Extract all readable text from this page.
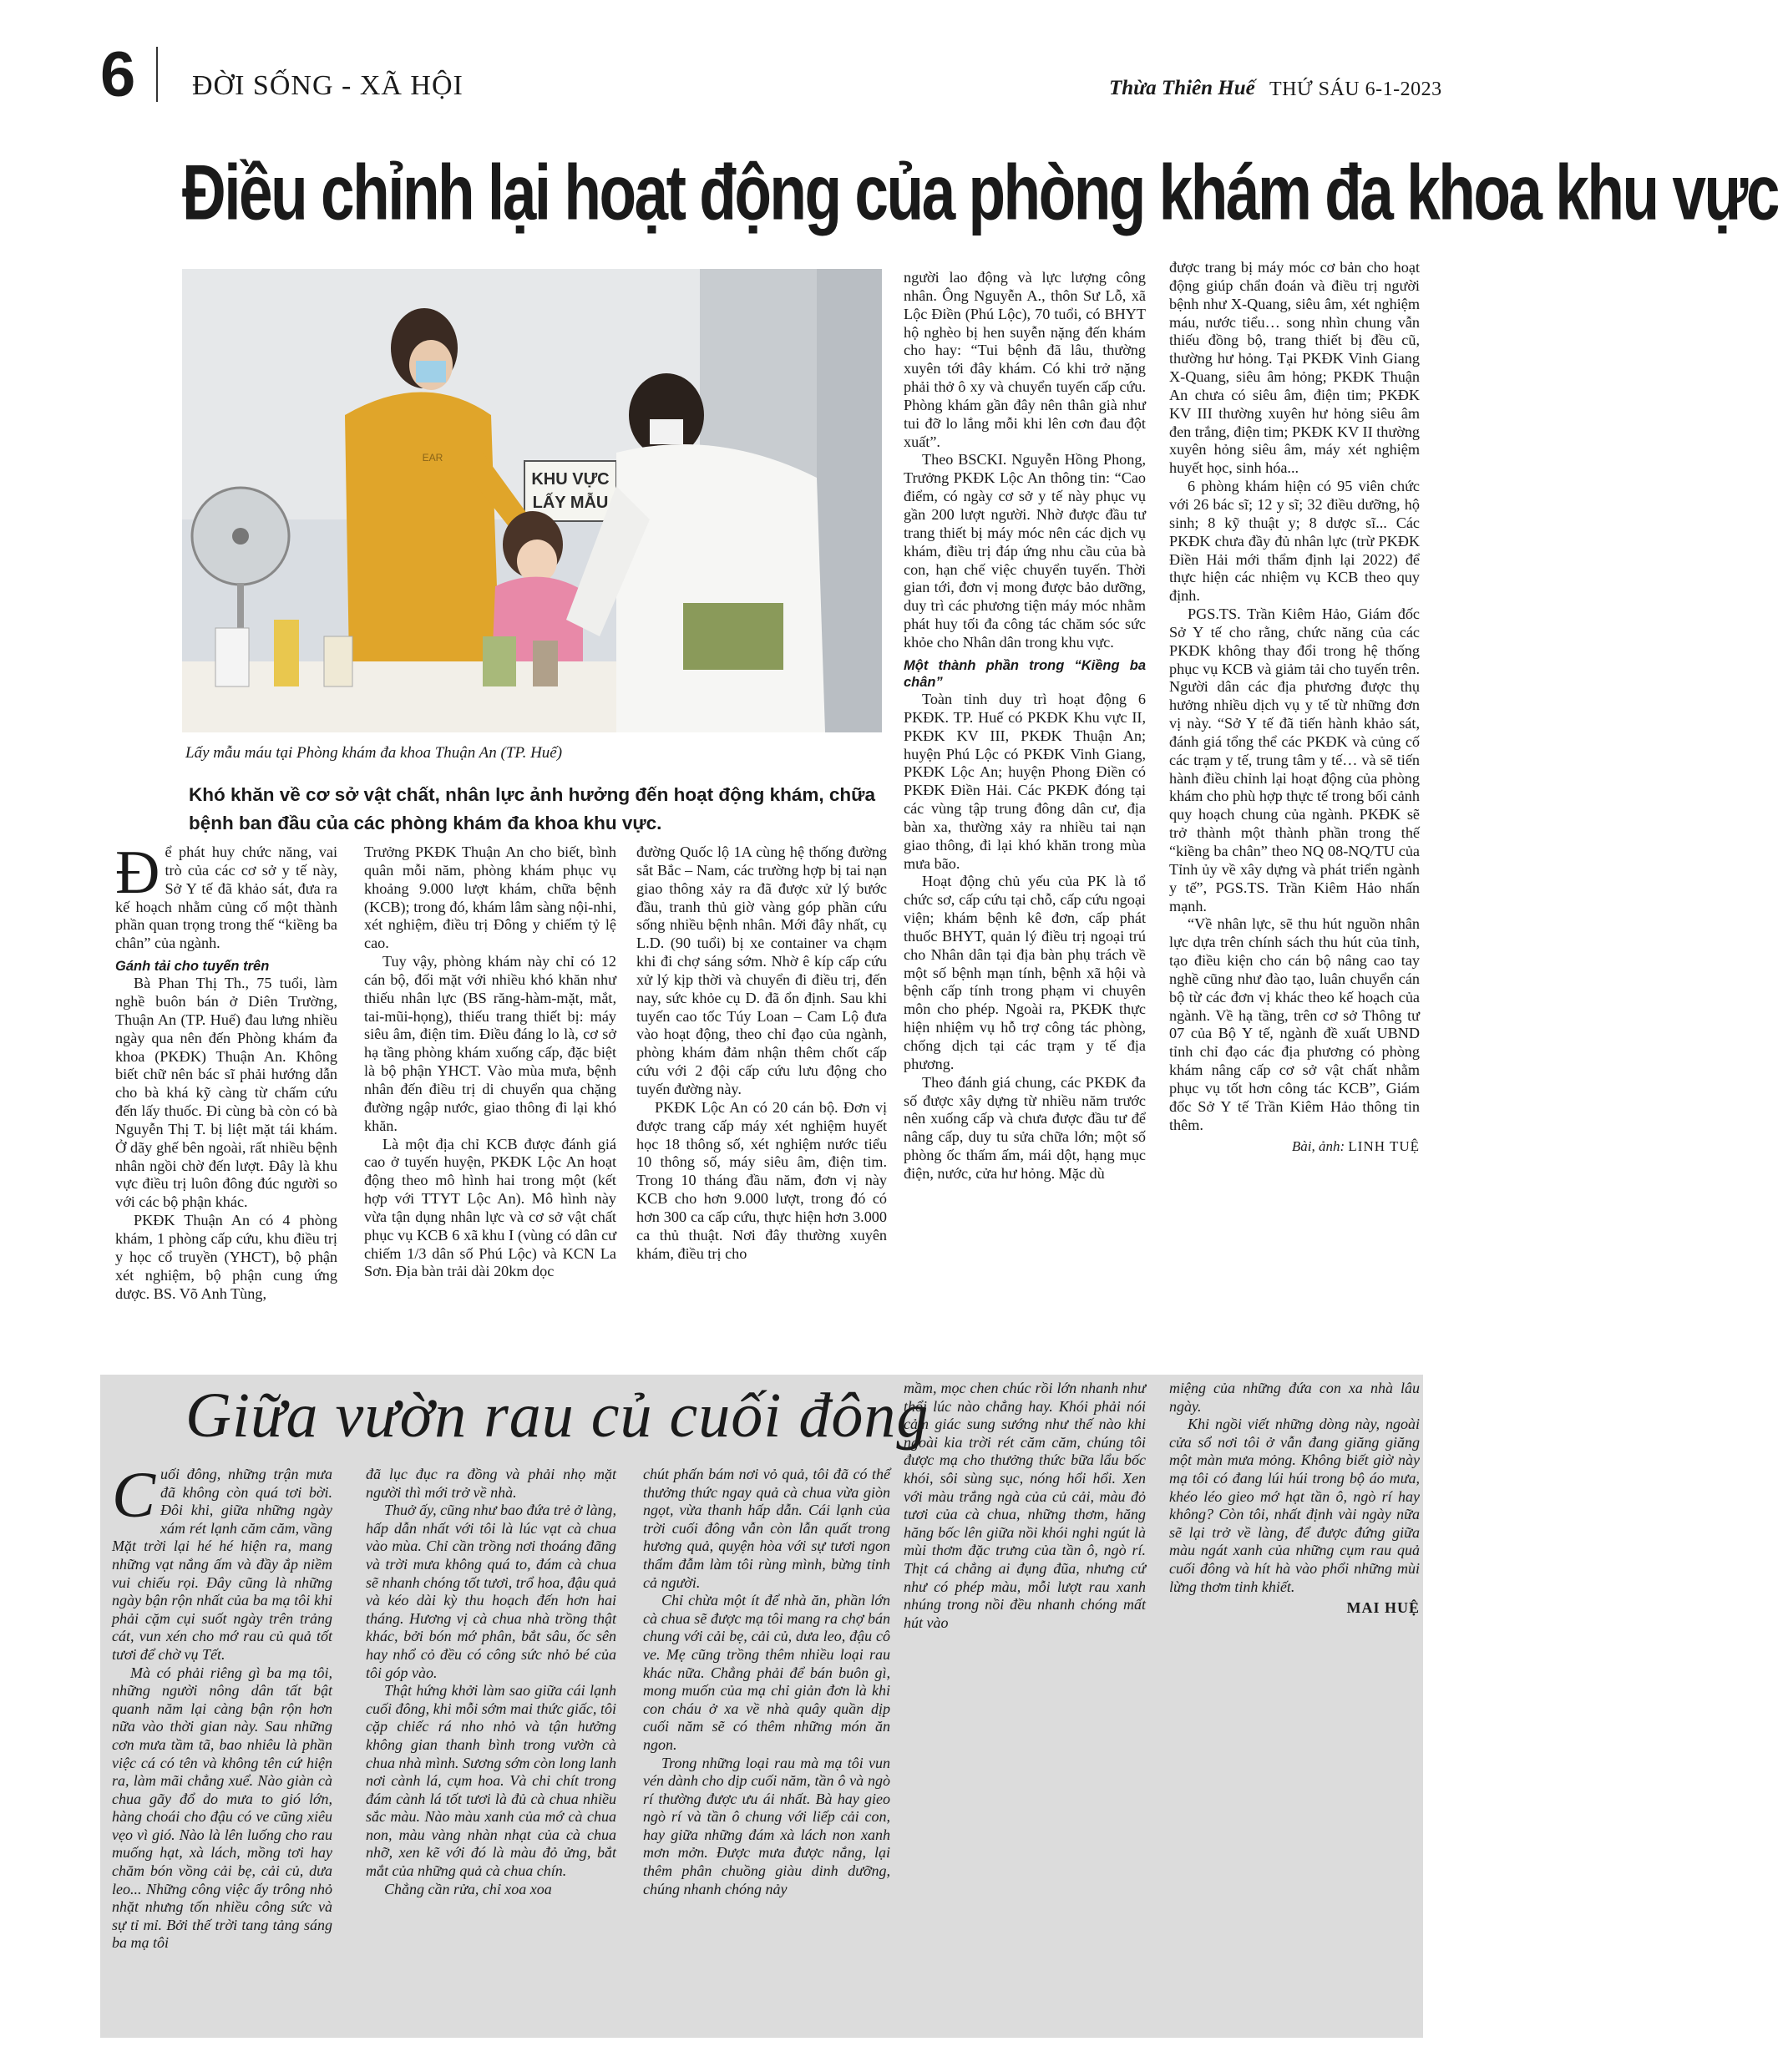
6 ĐỜI SỐNG - XÃ HỘI	Thừa Thiên Huế THỨ SÁU 6-1-2023
Điều chỉnh lại hoạt động của phòng khám đa khoa khu vực
KHU VỰC
LẤY MẪU
EAR
Lấy mẫu máu tại Phòng khám đa khoa Thuận An (TP. Huế)
Khó khăn về cơ sở vật chất, nhân lực ảnh hưởng đến hoạt động khám, chữa bệnh ban đầu của các phòng khám đa khoa khu vực.

Để phát huy chức năng, vai trò của các cơ sở y tế này, Sở Y tế đã khảo sát, đưa ra kế hoạch nhằm củng cố một thành phần quan trọng trong thế “kiềng ba chân” của ngành.

Gánh tải cho tuyến trên

Bà Phan Thị Th., 75 tuổi, làm nghề buôn bán ở Diên Trường, Thuận An (TP. Huế) đau lưng nhiều ngày qua nên đến Phòng khám đa khoa (PKĐK) Thuận An. Không biết chữ nên bác sĩ phải hướng dẫn cho bà khá kỹ càng từ chấm cứu đến lấy thuốc. Đi cùng bà còn có bà Nguyễn Thị T. bị liệt mặt tái khám. Ở dãy ghế bên ngoài, rất nhiều bệnh nhân ngồi chờ đến lượt. Đây là khu vực điều trị luôn đông đúc người so với các bộ phận khác.

PKĐK Thuận An có 4 phòng khám, 1 phòng cấp cứu, khu điều trị y học cổ truyền (YHCT), bộ phận xét nghiệm, bộ phận cung ứng dược. BS. Võ Anh Tùng,

Trưởng PKĐK Thuận An cho biết, bình quân mỗi năm, phòng khám phục vụ khoảng 9.000 lượt khám, chữa bệnh (KCB); trong đó, khám lâm sàng nội-nhi, xét nghiệm, điều trị Đông y chiếm tỷ lệ cao.

Tuy vậy, phòng khám này chỉ có 12 cán bộ, đối mặt với nhiều khó khăn như thiếu nhân lực (BS răng-hàm-mặt, mắt, tai-mũi-họng), thiếu trang thiết bị: máy siêu âm, điện tim. Điều đáng lo là, cơ sở hạ tầng phòng khám xuống cấp, đặc biệt là bộ phận YHCT. Vào mùa mưa, bệnh nhân đến điều trị di chuyển qua chặng đường ngập nước, giao thông đi lại khó khăn.

Là một địa chỉ KCB được đánh giá cao ở tuyến huyện, PKĐK Lộc An hoạt động theo mô hình hai trong một (kết hợp với TTYT Lộc An). Mô hình này vừa tận dụng nhân lực và cơ sở vật chất phục vụ KCB 6 xã khu I (vùng có dân cư chiếm 1/3 dân số Phú Lộc) và KCN La Sơn. Địa bàn trải dài 20km dọc

đường Quốc lộ 1A cùng hệ thống đường sắt Bắc – Nam, các trường hợp bị tai nạn giao thông xảy ra đã được xử lý bước đầu, tranh thủ giờ vàng góp phần cứu sống nhiều bệnh nhân. Mới đây nhất, cụ L.D. (90 tuổi) bị xe container va chạm khi đi chợ sáng sớm. Nhờ ê kíp cấp cứu xử lý kịp thời và chuyển đi điều trị, đến nay, sức khỏe cụ D. đã ổn định. Sau khi tuyến cao tốc Túy Loan – Cam Lộ đưa vào hoạt động, theo chỉ đạo của ngành, phòng khám đảm nhận thêm chốt cấp cứu với 2 đội cấp cứu lưu động cho tuyến đường này.

PKĐK Lộc An có 20 cán bộ. Đơn vị được trang cấp máy xét nghiệm huyết học 18 thông số, xét nghiệm nước tiểu 10 thông số, máy siêu âm, điện tim. Trong 10 tháng đầu năm, đơn vị này KCB cho hơn 9.000 lượt, trong đó có hơn 300 ca cấp cứu, thực hiện hơn 3.000 ca thủ thuật. Nơi đây thường xuyên khám, điều trị cho

người lao động và lực lượng công nhân. Ông Nguyễn A., thôn Sư Lỗ, xã Lộc Điền (Phú Lộc), 70 tuổi, có BHYT hộ nghèo bị hen suyễn nặng đến khám cho hay: “Tui bệnh đã lâu, thường xuyên tới đây khám. Có khi trở nặng phải thở ô xy và chuyển tuyến cấp cứu. Phòng khám gần đây nên thân già như tui đỡ lo lắng mỗi khi lên cơn đau đột xuất”.

Theo BSCKI. Nguyễn Hồng Phong, Trưởng PKĐK Lộc An thông tin: “Cao điểm, có ngày cơ sở y tế này phục vụ gần 200 lượt người. Nhờ được đầu tư trang thiết bị máy móc nên các dịch vụ khám, điều trị đáp ứng nhu cầu của bà con, hạn chế việc chuyển tuyến. Thời gian tới, đơn vị mong được bảo dưỡng, duy trì các phương tiện máy móc nhằm phát huy tối đa công tác chăm sóc sức khỏe cho Nhân dân trong khu vực.

Một thành phần trong “Kiềng ba chân”

Toàn tỉnh duy trì hoạt động 6 PKĐK. TP. Huế có PKĐK Khu vực II, PKĐK KV III, PKĐK Thuận An; huyện Phú Lộc có PKĐK Vinh Giang, PKĐK Lộc An; huyện Phong Điền có PKĐK Điền Hải. Các PKĐK đóng tại các vùng tập trung đông dân cư, địa bàn xa, thường xảy ra nhiều tai nạn giao thông, đi lại khó khăn trong mùa mưa bão.

Hoạt động chủ yếu của PK là tổ chức sơ, cấp cứu tại chỗ, cấp cứu ngoại viện; khám bệnh kê đơn, cấp phát thuốc BHYT, quản lý điều trị ngoại trú cho Nhân dân tại địa bàn phụ trách về một số bệnh mạn tính, bệnh xã hội và bệnh cấp tính trong phạm vi chuyên môn cho phép. Ngoài ra, PKĐK thực hiện nhiệm vụ hỗ trợ công tác phòng, chống dịch tại các trạm y tế địa phương.

Theo đánh giá chung, các PKĐK đa số được xây dựng từ nhiều năm trước nên xuống cấp và chưa được đầu tư để nâng cấp, duy tu sửa chữa lớn; một số phòng ốc thấm ấm, mái dột, hạng mục điện, nước, cửa hư hỏng. Mặc dù

được trang bị máy móc cơ bản cho hoạt động giúp chẩn đoán và điều trị người bệnh như X-Quang, siêu âm, xét nghiệm máu, nước tiểu… song nhìn chung vẫn thiếu đồng bộ, trang thiết bị đều cũ, thường hư hỏng. Tại PKĐK Vinh Giang X-Quang, siêu âm hỏng; PKĐK Thuận An chưa có siêu âm, điện tim; PKĐK KV III thường xuyên hư hỏng siêu âm đen trắng, điện tim; PKĐK KV II thường xuyên hỏng siêu âm, máy xét nghiệm huyết học, sinh hóa...

6 phòng khám hiện có 95 viên chức với 26 bác sĩ; 12 y sĩ; 32 điều dưỡng, hộ sinh; 8 kỹ thuật y; 8 dược sĩ... Các PKĐK chưa đầy đủ nhân lực (trừ PKĐK Điền Hải mới thẩm định lại 2022) để thực hiện các nhiệm vụ KCB theo quy định.

PGS.TS. Trần Kiêm Hảo, Giám đốc Sở Y tế cho rằng, chức năng của các PKĐK không thay đổi trong hệ thống phục vụ KCB và giảm tải cho tuyến trên. Người dân các địa phương được thụ hưởng nhiều dịch vụ y tế từ những đơn vị này. “Sở Y tế đã tiến hành khảo sát, đánh giá tổng thể các PKĐK và củng cố các trạm y tế, trung tâm y tế… và sẽ tiến hành điều chỉnh lại hoạt động của phòng khám cho phù hợp thực tế trong bối cảnh quy hoạch chung của ngành. PKĐK sẽ trở thành một thành phần trong thế “kiềng ba chân” theo NQ 08-NQ/TU của Tỉnh ủy về xây dựng và phát triển ngành y tế”, PGS.TS. Trần Kiêm Hảo nhấn mạnh.

“Về nhân lực, sẽ thu hút nguồn nhân lực dựa trên chính sách thu hút của tỉnh, tạo điều kiện cho cán bộ nâng cao tay nghề cũng như đào tạo, luân chuyển cán bộ từ các đơn vị khác theo kế hoạch của ngành. Về hạ tầng, trên cơ sở Thông tư 07 của Bộ Y tế, ngành đề xuất UBND tỉnh chỉ đạo các địa phương có phòng khám nâng cấp cơ sở vật chất nhằm phục vụ tốt hơn công tác KCB”, Giám đốc Sở Y tế Trần Kiêm Hảo thông tin thêm.

Bài, ảnh: LINH TUỆ

Giữa vườn rau củ cuối đông

Cuối đông, những trận mưa đã không còn quá tơi bời. Đôi khi, giữa những ngày xám rét lạnh căm căm, vầng Mặt trời lại hé hé hiện ra, mang những vạt nắng ấm và đầy ắp niềm vui chiếu rọi. Đây cũng là những ngày bận rộn nhất của ba mạ tôi khi phải cặm cụi suốt ngày trên trảng cát, vun xén cho mớ rau củ quả tốt tươi để chờ vụ Tết.

Mà có phải riêng gì ba mạ tôi, những người nông dân tất bật quanh năm lại càng bận rộn hơn nữa vào thời gian này. Sau những cơn mưa tầm tã, bao nhiêu là phần việc cá có tên và không tên cứ hiện ra, làm mãi chẳng xuể. Nào giàn cà chua gãy đổ do mưa to gió lớn, hàng choái cho đậu có ve cũng xiêu vẹo vì gió. Nào là lên luống cho rau muống hạt, xà lách, mồng tơi hay chăm bón vồng cải bẹ, cải củ, dưa leo... Những công việc ấy trông nhỏ nhặt nhưng tốn nhiều công sức và sự tỉ mỉ. Bởi thế trời tang tảng sáng ba mạ tôi

đã lục đục ra đồng và phải nhọ mặt người thì mới trở về nhà.

Thuở ấy, cũng như bao đứa trẻ ở làng, hấp dẫn nhất với tôi là lúc vạt cà chua vào mùa. Chỉ cần trồng nơi thoáng đãng và trời mưa không quá to, đám cà chua sẽ nhanh chóng tốt tươi, trổ hoa, đậu quả và kéo dài kỳ thu hoạch đến hơn hai tháng. Hương vị cà chua nhà trồng thật khác, bởi bón mớ phân, bắt sâu, ốc sên hay nhổ cỏ đều có công sức nhỏ bé của tôi góp vào.

Thật hứng khởi làm sao giữa cái lạnh cuối đông, khi mỗi sớm mai thức giấc, tôi cặp chiếc rá nho nhỏ và tận hưởng không gian thanh bình trong vườn cà chua nhà mình. Sương sớm còn long lanh nơi cành lá, cụm hoa. Và chi chít trong đám cành lá tốt tươi là đủ cà chua nhiều sắc màu. Nào màu xanh của mớ cà chua non, màu vàng nhàn nhạt của cà chua nhỡ, xen kẽ với đó là màu đỏ ửng, bắt mắt của những quả cà chua chín.

Chẳng cần rửa, chỉ xoa xoa

chút phấn bám nơi vỏ quả, tôi đã có thể thưởng thức ngay quả cà chua vừa giòn ngọt, vừa thanh hấp dẫn. Cái lạnh của trời cuối đông vẫn còn lẫn quất trong hương quả, quyện hòa với sự tươi ngon thẩm đẫm làm tôi rùng mình, bừng tỉnh cả người.

Chỉ chừa một ít để nhà ăn, phần lớn cà chua sẽ được mạ tôi mang ra chợ bán chung với cải bẹ, cải củ, dưa leo, đậu cô ve. Mẹ cũng trồng thêm nhiều loại rau khác nữa. Chẳng phải để bán buôn gì, mong muốn của mạ chỉ giản đơn là khi con cháu ở xa về nhà quây quần dịp cuối năm sẽ có thêm những món ăn ngon.

Trong những loại rau mà mạ tôi vun vén dành cho dịp cuối năm, tần ô và ngò rí thường được ưu ái nhất. Bà hay gieo ngò rí và tần ô chung với liếp cải con, hay giữa những đám xà lách non xanh mơn mởn. Được mưa được nắng, lại thêm phân chuồng giàu dinh dưỡng, chúng nhanh chóng nảy

mầm, mọc chen chúc rồi lớn nhanh như thổi lúc nào chẳng hay. Khói phải nói cảm giác sung sướng như thế nào khi ngoài kia trời rét căm căm, chúng tôi được mạ cho thưởng thức bữa lẩu bốc khói, sôi sùng sục, nóng hổi hổi. Xen với màu trắng ngà của củ cải, màu đỏ tươi của cà chua, những thơm, hăng hăng bốc lên giữa nồi khói nghi ngút là mùi thơm đặc trưng của tần ô, ngò rí. Thịt cá chẳng ai đụng đũa, nhưng cứ như có phép màu, mỗi lượt rau xanh nhúng trong nồi đều nhanh chóng mất hút vào

miệng của những đứa con xa nhà lâu ngày.

Khi ngồi viết những dòng này, ngoài cửa sổ nơi tôi ở vẫn đang giăng giăng một màn mưa mỏng. Không biết giờ này mạ tôi có đang lúi húi trong bộ áo mưa, khéo léo gieo mớ hạt tần ô, ngò rí hay không? Còn tôi, nhất định vài ngày nữa sẽ lại trở về làng, để được đứng giữa màu ngát xanh của những cụm rau quả cuối đông và hít hà vào phổi những mùi lừng thơm tinh khiết.

MAI HUỆ
